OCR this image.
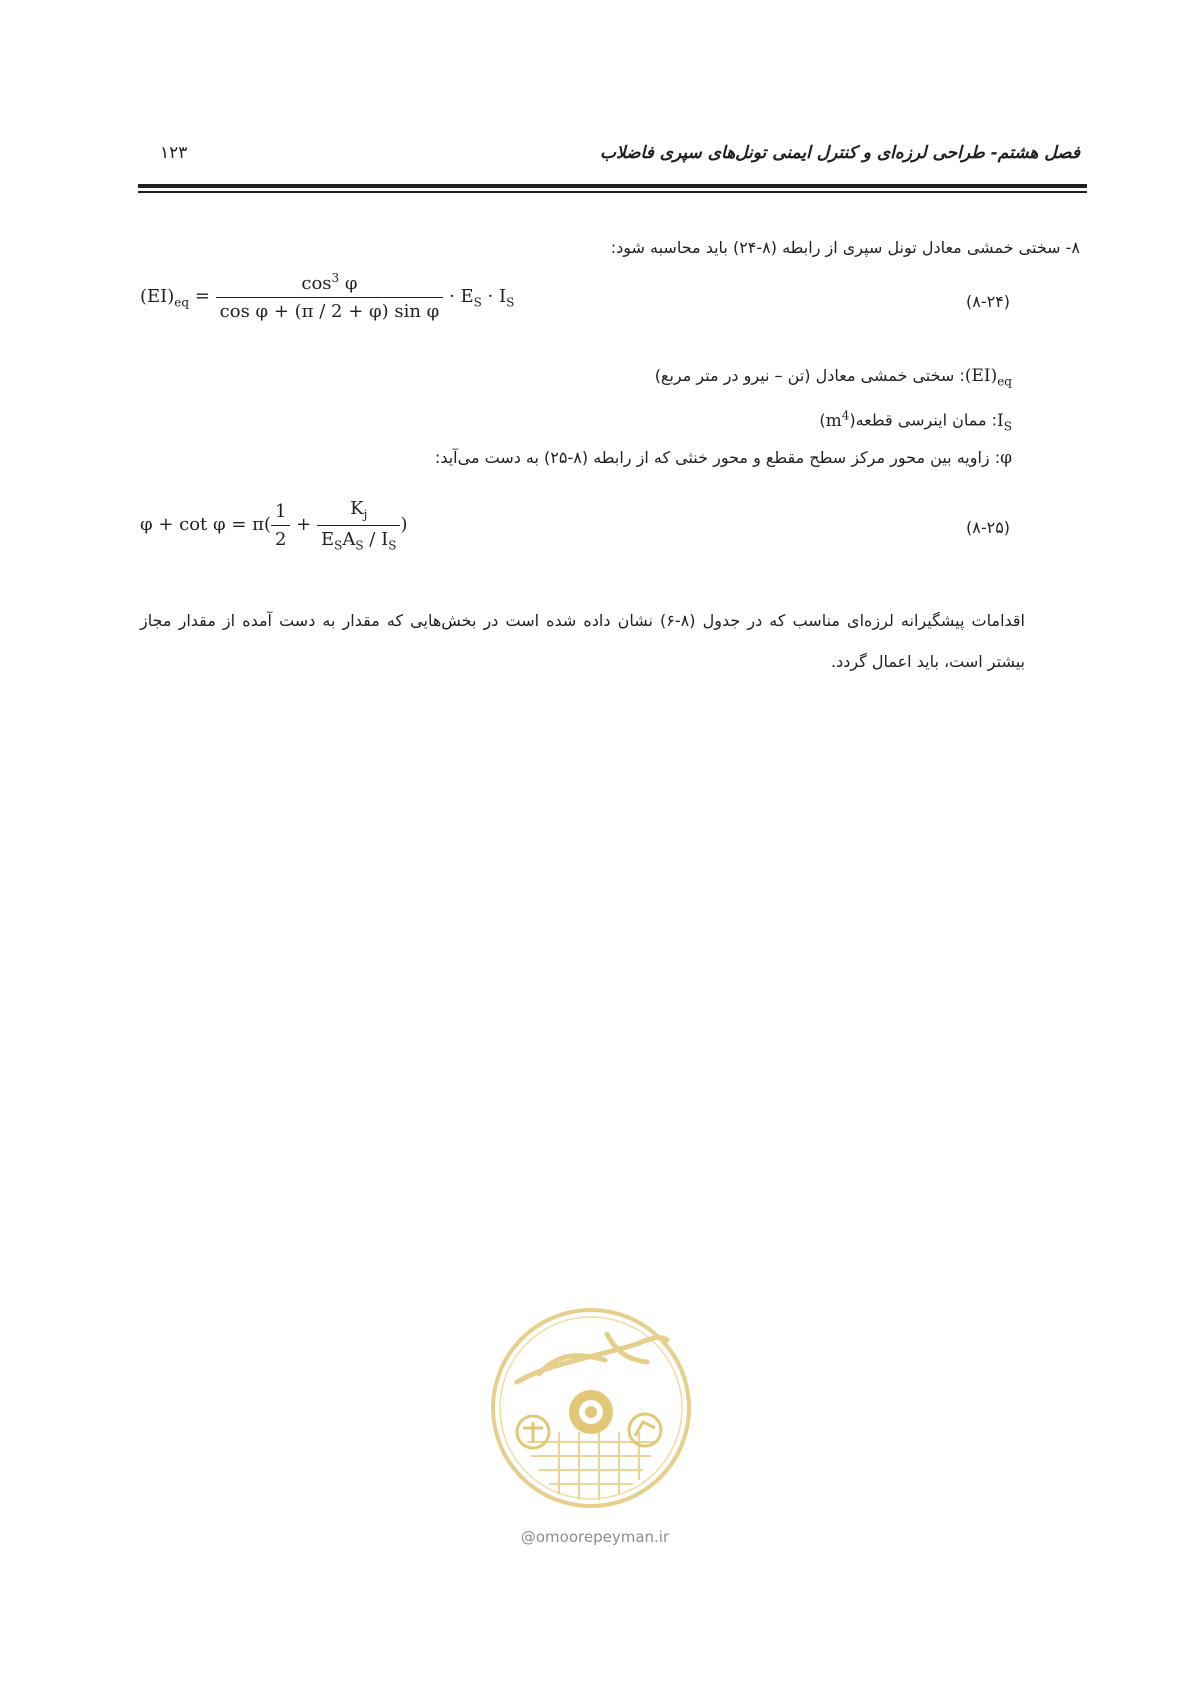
فصل هشتم- طراحی لرزه‌ای و کنترل ایمنی تونل‌های سپری فاضلاب
۱۲۳
۸- سختی خمشی معادل تونل سپری از رابطه (۸-۲۴) باید محاسبه شود:
$(EI)_{eq} = \frac{\cos^3 \varphi}{\text{cos φ + (π / 2 + φ) sin φ}} \cdot E_S \cdot I_S$	(۸-۲۴)
$(EI)_{eq}$: سختی خمشی معادل (تن – نیرو در متر مربع)
$I_S$: ممان اینرسی $قطعه(m^4)$
φ: زاویه بین محور مرکز سطح مقطع و محور خنثی که از رابطه (۸-۲۵) به دست می‌آید:
$\varphi + \cot \varphi = \pi( \frac{1}{2} + \frac{K_j}{E_SA_S / I_S}$ )	(۸-۲۵)
اقدامات پیشگیرانه لرزه‌ای مناسب که در جدول (۸-۶) نشان داده شده است در بخش‌هایی که مقدار به دست آمده از مقدار مجاز بیشتر است، باید اعمال گردد.
@omoorepeyman.ir
